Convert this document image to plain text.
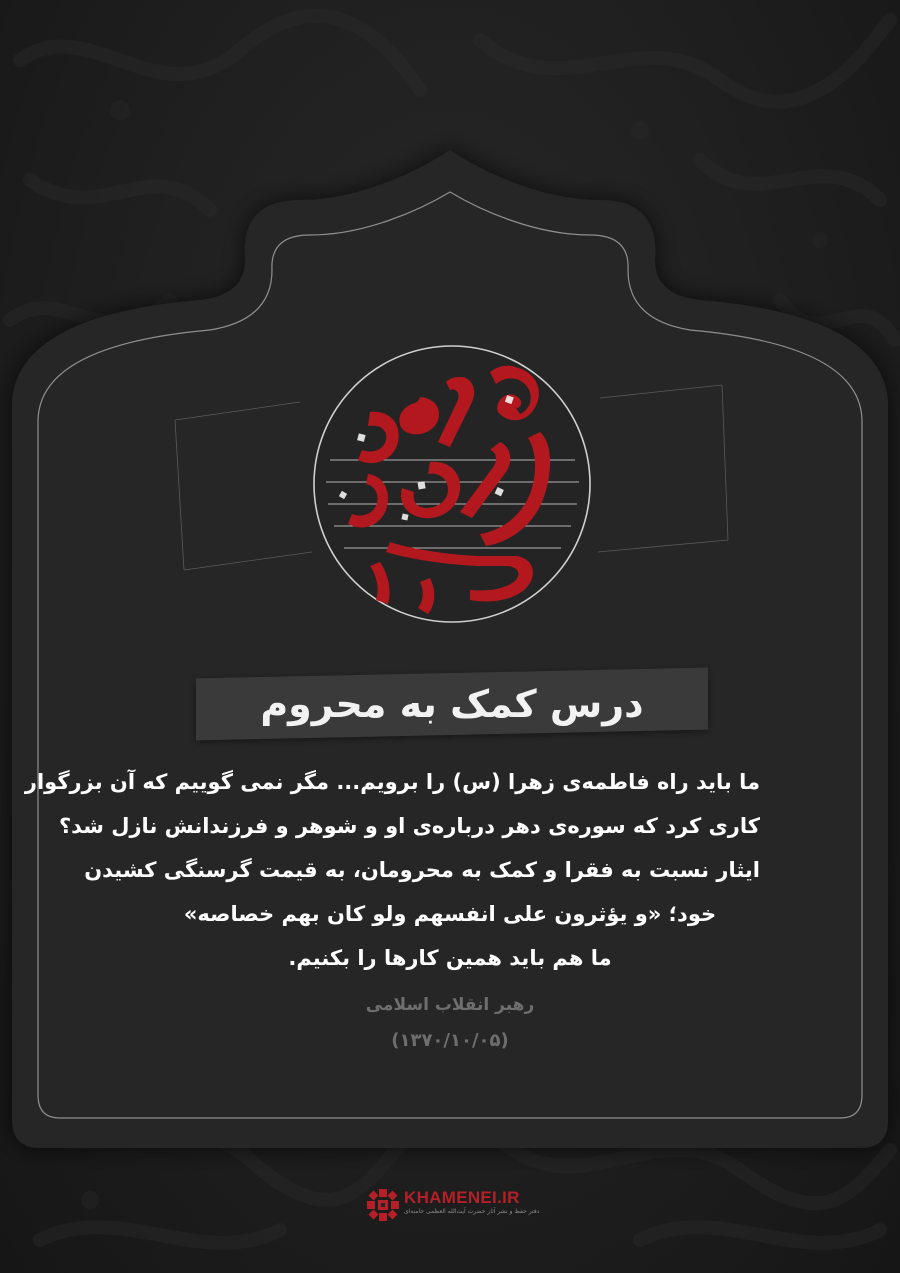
درس کمک به محروم
ما باید راه فاطمه‌ی زهرا (س) را برویم... مگر نمی گوییم که آن بزرگوار
کاری کرد که سوره‌ی دهر درباره‌ی او و شوهر و فرزندانش نازل شد؟
ایثار نسبت به فقرا و کمک به محرومان، به قیمت گرسنگی کشیدن
خود؛ «و یؤثرون علی انفسهم ولو کان بهم خصاصه»
ما هم باید همین کارها را بکنیم.
رهبر انقلاب اسلامی
(۱۳۷۰/۱۰/۰۵)
KHAMENEI.IR
دفتر حفظ و نشر آثار حضرت آیت‌الله العظمی خامنه‌ای
